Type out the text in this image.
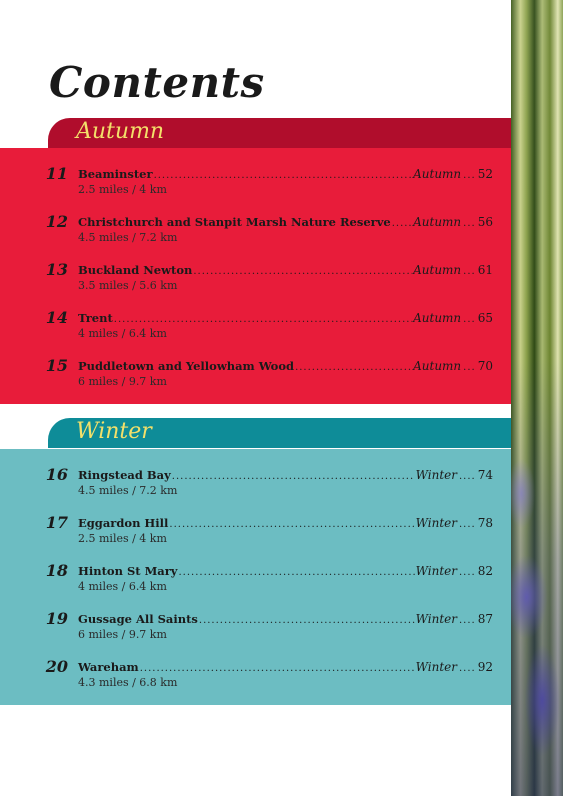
Contents
Autumn
11 Beaminster .....	Autumn ... 52
2.5 miles / 4 km
12 Christchurch and Stanpit Marsh Nature Reserve ..... Autumn ... 56
4.5 miles / 7.2 km
13 Buckland Newton .....	Autumn ... 61
3.5 miles / 5.6 km
14 Trent .....	Autumn ... 65
4 miles / 6.4 km
15 Puddletown and Yellowham Wood .....	Autumn ... 70
6 miles / 9.7 km
Winter
16 Ringstead Bay .....	Winter .... 74
4.5 miles / 7.2 km
17 Eggardon Hill .....	Winter .... 78
2.5 miles / 4 km
18 Hinton St Mary .....	Winter .... 82
4 miles / 6.4 km
19 Gussage All Saints .....	Winter .... 87
6 miles / 9.7 km
20 Wareham .....	Winter .... 92
4.3 miles / 6.8 km
